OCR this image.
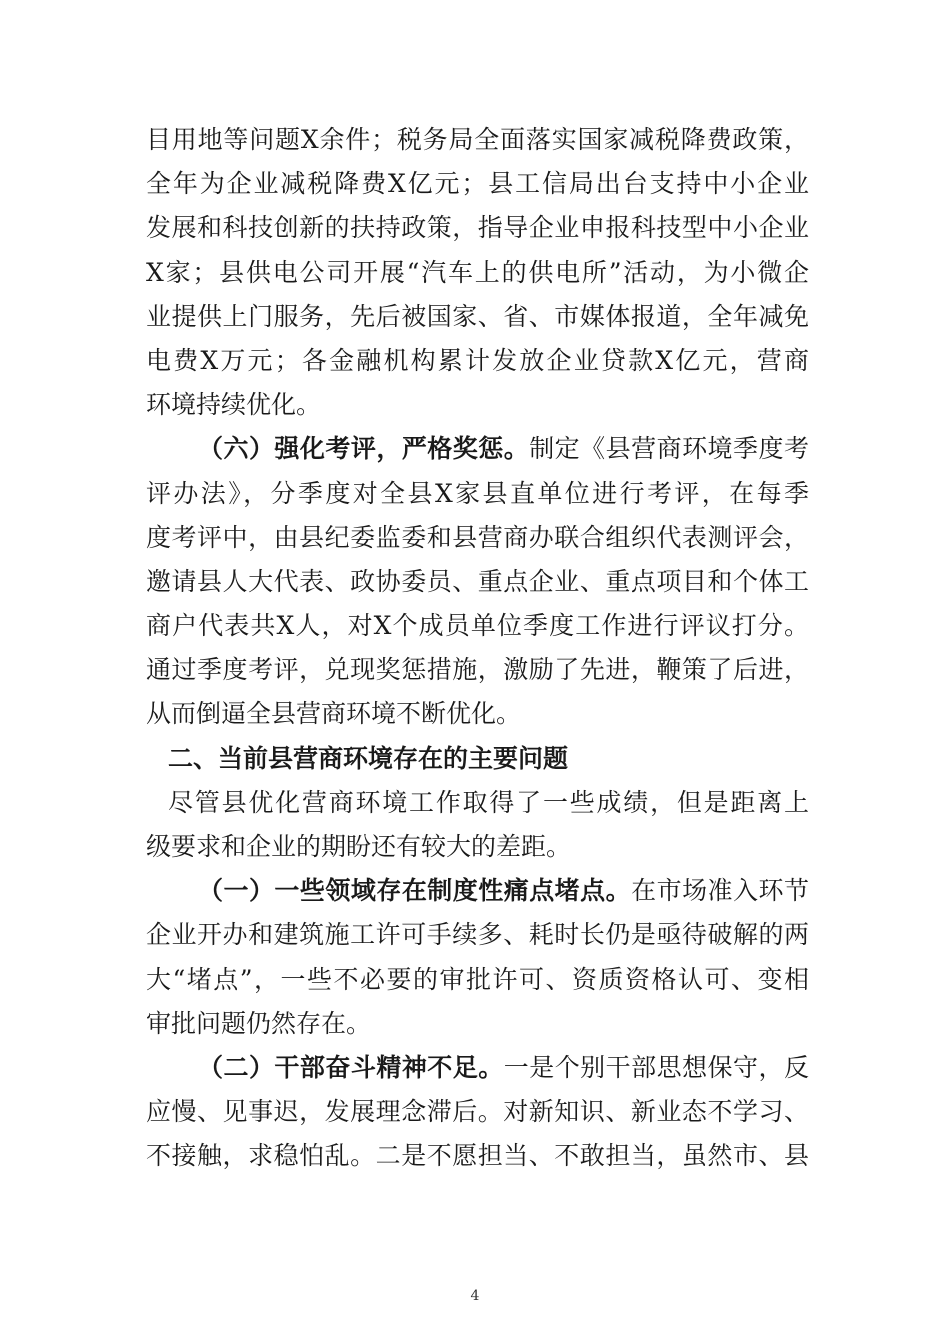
目用地等问题X余件；税务局全面落实国家减税降费政策，
全年为企业减税降费X亿元；县工信局出台支持中小企业
发展和科技创新的扶持政策，指导企业申报科技型中小企业
X家；县供电公司开展“汽车上的供电所”活动，为小微企
业提供上门服务，先后被国家、省、市媒体报道，全年减免
电费X万元；各金融机构累计发放企业贷款X亿元，营商
环境持续优化。
（六）强化考评，严格奖惩。制定《县营商环境季度考
评办法》，分季度对全县X家县直单位进行考评，在每季
度考评中，由县纪委监委和县营商办联合组织代表测评会，
邀请县人大代表、政协委员、重点企业、重点项目和个体工
商户代表共X人，对X个成员单位季度工作进行评议打分。
通过季度考评，兑现奖惩措施，激励了先进，鞭策了后进，
从而倒逼全县营商环境不断优化。
二、当前县营商环境存在的主要问题
尽管县优化营商环境工作取得了一些成绩，但是距离上
级要求和企业的期盼还有较大的差距。
（一）一些领域存在制度性痛点堵点。在市场准入环节
企业开办和建筑施工许可手续多、耗时长仍是亟待破解的两
大“堵点”，一些不必要的审批许可、资质资格认可、变相
审批问题仍然存在。
（二）干部奋斗精神不足。一是个别干部思想保守，反
应慢、见事迟，发展理念滞后。对新知识、新业态不学习、
不接触，求稳怕乱。二是不愿担当、不敢担当，虽然市、县
4
